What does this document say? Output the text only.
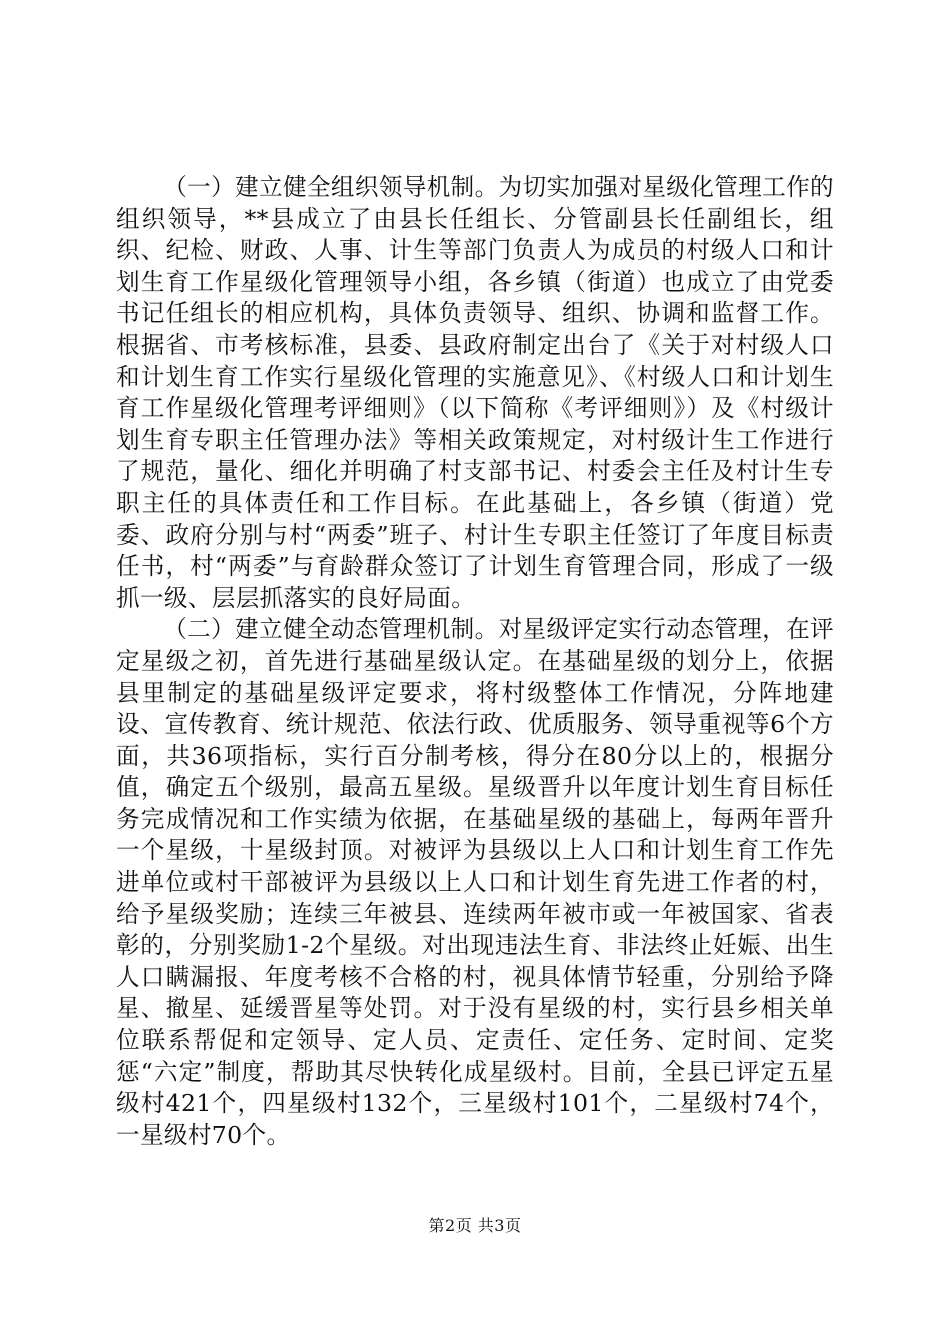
（一）建立健全组织领导机制。为切实加强对星级化管理工作的组织领导，**县成立了由县长任组长、分管副县长任副组长，组织、纪检、财政、人事、计生等部门负责人为成员的村级人口和计划生育工作星级化管理领导小组，各乡镇（街道）也成立了由党委书记任组长的相应机构，具体负责领导、组织、协调和监督工作。根据省、市考核标准，县委、县政府制定出台了《关于对村级人口和计划生育工作实行星级化管理的实施意见》、《村级人口和计划生育工作星级化管理考评细则》（以下简称《考评细则》）及《村级计划生育专职主任管理办法》等相关政策规定，对村级计生工作进行了规范，量化、细化并明确了村支部书记、村委会主任及村计生专职主任的具体责任和工作目标。在此基础上，各乡镇（街道）党委、政府分别与村“两委”班子、村计生专职主任签订了年度目标责任书，村“两委”与育龄群众签订了计划生育管理合同，形成了一级抓一级、层层抓落实的良好局面。

（二）建立健全动态管理机制。对星级评定实行动态管理，在评定星级之初，首先进行基础星级认定。在基础星级的划分上，依据县里制定的基础星级评定要求，将村级整体工作情况，分阵地建设、宣传教育、统计规范、依法行政、优质服务、领导重视等6个方面，共36项指标，实行百分制考核，得分在80分以上的，根据分值，确定五个级别，最高五星级。星级晋升以年度计划生育目标任务完成情况和工作实绩为依据，在基础星级的基础上，每两年晋升一个星级，十星级封顶。对被评为县级以上人口和计划生育工作先进单位或村干部被评为县级以上人口和计划生育先进工作者的村，给予星级奖励；连续三年被县、连续两年被市或一年被国家、省表彰的，分别奖励1-2个星级。对出现违法生育、非法终止妊娠、出生人口瞒漏报、年度考核不合格的村，视具体情节轻重，分别给予降星、撤星、延缓晋星等处罚。对于没有星级的村，实行县乡相关单位联系帮促和定领导、定人员、定责任、定任务、定时间、定奖惩“六定”制度，帮助其尽快转化成星级村。目前，全县已评定五星级村421个，四星级村132个，三星级村101个，二星级村74个，一星级村70个。

第2页 共3页
